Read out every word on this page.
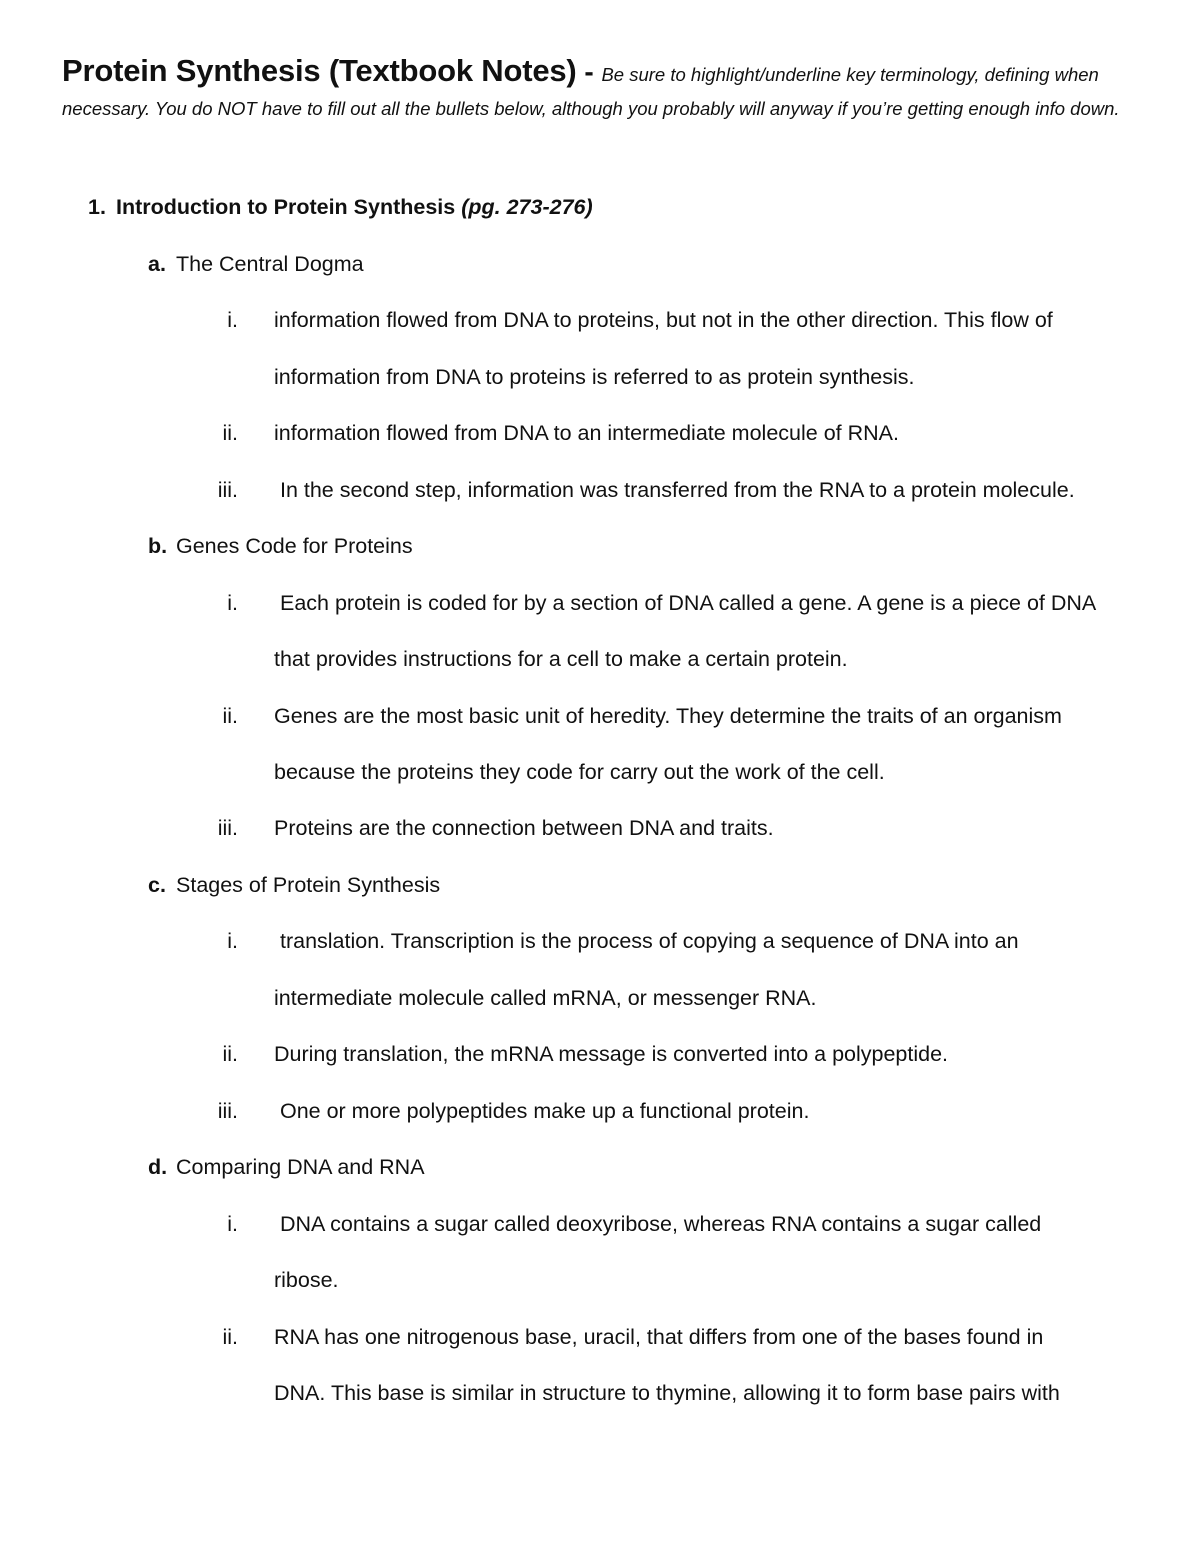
Protein Synthesis (Textbook Notes) - Be sure to highlight/underline key terminology, defining when necessary. You do NOT have to fill out all the bullets below, although you probably will anyway if you’re getting enough info down.
1. Introduction to Protein Synthesis (pg. 273-276)
a. The Central Dogma
i. information flowed from DNA to proteins, but not in the other direction. This flow of
information from DNA to proteins is referred to as protein synthesis.
ii. information flowed from DNA to an intermediate molecule of RNA.
iii. In the second step, information was transferred from the RNA to a protein molecule.
b. Genes Code for Proteins
i. Each protein is coded for by a section of DNA called a gene. A gene is a piece of DNA
that provides instructions for a cell to make a certain protein.
ii. Genes are the most basic unit of heredity. They determine the traits of an organism
because the proteins they code for carry out the work of the cell.
iii. Proteins are the connection between DNA and traits.
c. Stages of Protein Synthesis
i. translation. Transcription is the process of copying a sequence of DNA into an
intermediate molecule called mRNA, or messenger RNA.
ii. During translation, the mRNA message is converted into a polypeptide.
iii. One or more polypeptides make up a functional protein.
d. Comparing DNA and RNA
i. DNA contains a sugar called deoxyribose, whereas RNA contains a sugar called
ribose.
ii. RNA has one nitrogenous base, uracil, that differs from one of the bases found in
DNA. This base is similar in structure to thymine, allowing it to form base pairs with
